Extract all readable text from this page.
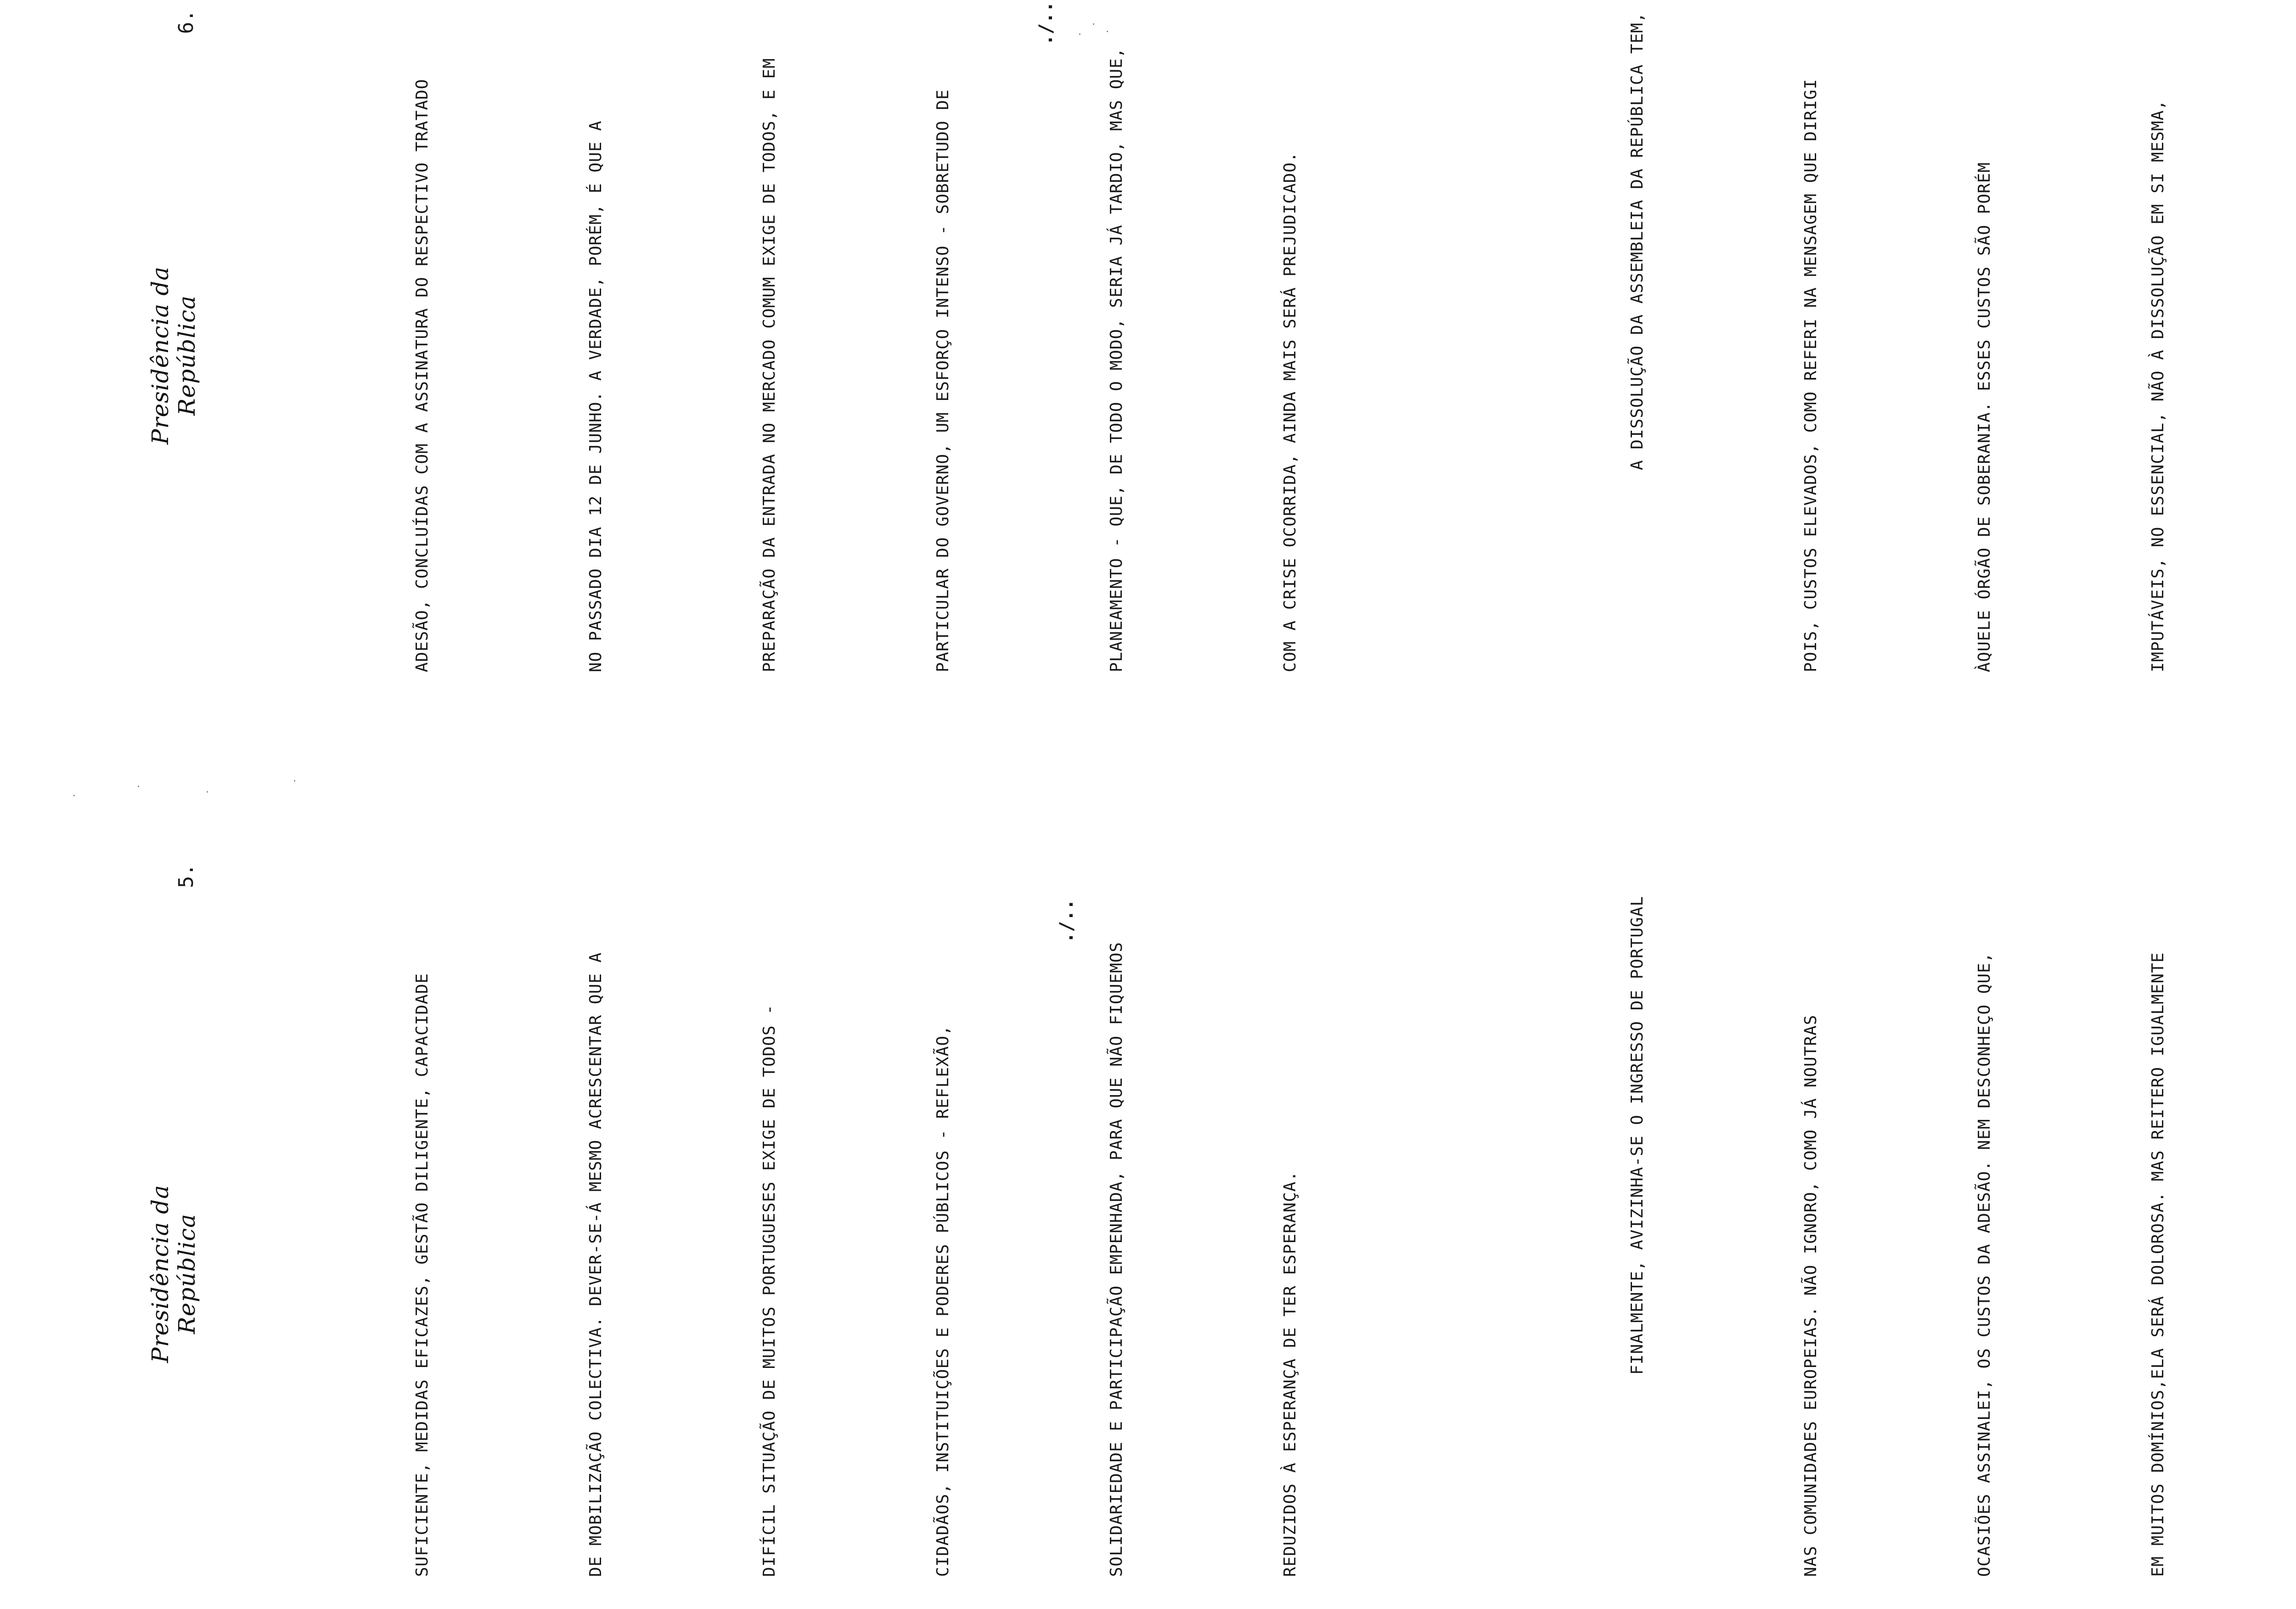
Presidência da República
5.

SUFICIENTE, MEDIDAS EFICAZES, GESTÃO DILIGENTE, CAPACIDADE

	DE MOBILIZAÇÃO COLECTIVA. DEVER-SE-Á MESMO ACRESCENTAR QUE A

	DIFÍCIL SITUAÇÃO DE MUITOS PORTUGUESES EXIGE DE TODOS -

	CIDADÃOS, INSTITUIÇÕES E PODERES PÚBLICOS - REFLEXÃO,

	SOLIDARIEDADE E PARTICIPAÇÃO EMPENHADA, PARA QUE NÃO FIQUEMOS

	REDUZIDOS À ESPERANÇA DE TER ESPERANÇA.

	FINALMENTE, AVIZINHA-SE O INGRESSO DE PORTUGAL

	NAS COMUNIDADES EUROPEIAS. NÃO IGNORO, COMO JÁ NOUTRAS

	OCASIÕES ASSINALEI, OS CUSTOS DA ADESÃO. NEM DESCONHEÇO QUE,

	EM MUITOS DOMÍNIOS,ELA SERÁ DOLOROSA. MAS REITERO IGUALMENTE

./..
Presidência da República
6.

ADESÃO, CONCLUÍDAS COM A ASSINATURA DO RESPECTIVO TRATADO

	NO PASSADO DIA 12 DE JUNHO. A VERDADE, PORÉM, É QUE A

	PREPARAÇÃO DA ENTRADA NO MERCADO COMUM EXIGE DE TODOS, E EM

	PARTICULAR DO GOVERNO, UM ESFORÇO INTENSO - SOBRETUDO DE

	PLANEAMENTO - QUE, DE TODO O MODO, SERIA JÁ TARDIO, MAS QUE,

	COM A CRISE OCORRIDA, AINDA MAIS SERÁ PREJUDICADO.

	A DISSOLUÇÃO DA ASSEMBLEIA DA REPÚBLICA TEM,

	POIS, CUSTOS ELEVADOS, COMO REFERI NA MENSAGEM QUE DIRIGI

	ÀQUELE ÓRGÃO DE SOBERANIA. ESSES CUSTOS SÃO PORÉM

	IMPUTÁVEIS, NO ESSENCIAL, NÃO À DISSOLUÇÃO EM SI MESMA,

./..
